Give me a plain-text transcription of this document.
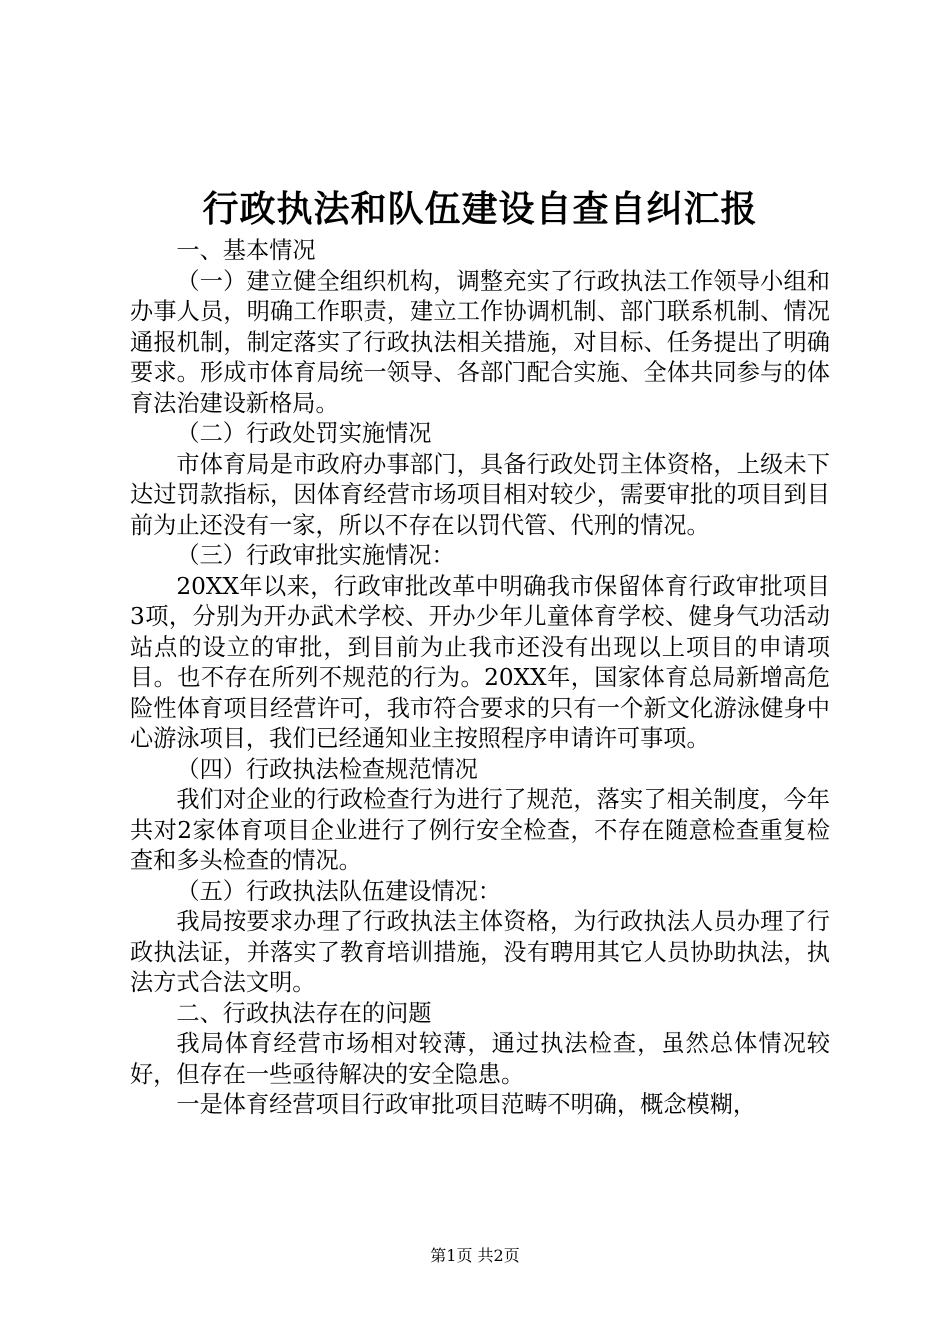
行政执法和队伍建设自查自纠汇报

一、基本情况

（一）建立健全组织机构，调整充实了行政执法工作领导小组和办事人员，明确工作职责，建立工作协调机制、部门联系机制、情况通报机制，制定落实了行政执法相关措施，对目标、任务提出了明确要求。形成市体育局统一领导、各部门配合实施、全体共同参与的体育法治建设新格局。

（二）行政处罚实施情况

市体育局是市政府办事部门，具备行政处罚主体资格，上级未下达过罚款指标，因体育经营市场项目相对较少，需要审批的项目到目前为止还没有一家，所以不存在以罚代管、代刑的情况。

（三）行政审批实施情况：

20XX年以来，行政审批改革中明确我市保留体育行政审批项目3项，分别为开办武术学校、开办少年儿童体育学校、健身气功活动站点的设立的审批，到目前为止我市还没有出现以上项目的申请项目。也不存在所列不规范的行为。20XX年，国家体育总局新增高危险性体育项目经营许可，我市符合要求的只有一个新文化游泳健身中心游泳项目，我们已经通知业主按照程序申请许可事项。

（四）行政执法检查规范情况

我们对企业的行政检查行为进行了规范，落实了相关制度，今年共对2家体育项目企业进行了例行安全检查，不存在随意检查重复检查和多头检查的情况。

（五）行政执法队伍建设情况：

我局按要求办理了行政执法主体资格，为行政执法人员办理了行政执法证，并落实了教育培训措施，没有聘用其它人员协助执法，执法方式合法文明。

二、行政执法存在的问题

我局体育经营市场相对较薄，通过执法检查，虽然总体情况较好，但存在一些亟待解决的安全隐患。

一是体育经营项目行政审批项目范畴不明确，概念模糊，

第1页 共2页
